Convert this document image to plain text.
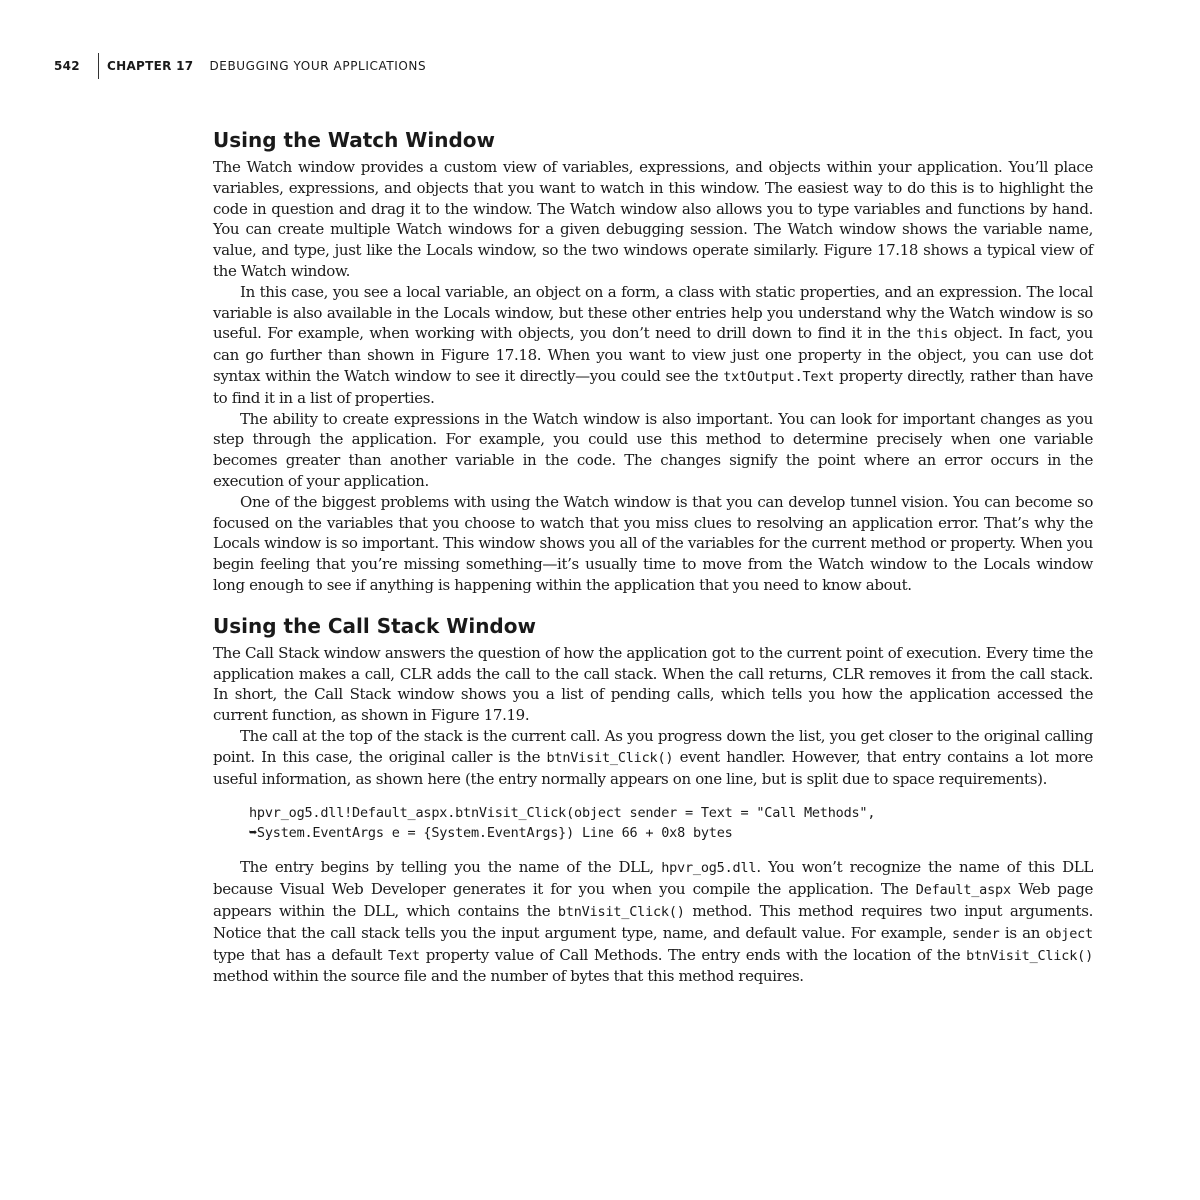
542	CHAPTER 17 DEBUGGING YOUR APPLICATIONS
Using the Watch Window

The Watch window provides a custom view of variables, expressions, and objects within your application. You’ll place variables, expressions, and objects that you want to watch in this window. The easiest way to do this is to highlight the code in question and drag it to the window. The Watch window also allows you to type variables and functions by hand. You can create multiple Watch windows for a given debugging session. The Watch window shows the variable name, value, and type, just like the Locals window, so the two windows operate similarly. Figure 17.18 shows a typical view of the Watch window.

In this case, you see a local variable, an object on a form, a class with static properties, and an expression. The local variable is also available in the Locals window, but these other entries help you understand why the Watch window is so useful. For example, when working with objects, you don’t need to drill down to find it in the this object. In fact, you can go further than shown in Figure 17.18. When you want to view just one property in the object, you can use dot syntax within the Watch window to see it directly—you could see the txtOutput.Text property directly, rather than have to find it in a list of properties.

The ability to create expressions in the Watch window is also important. You can look for important changes as you step through the application. For example, you could use this method to determine precisely when one variable becomes greater than another variable in the code. The changes signify the point where an error occurs in the execution of your application.

One of the biggest problems with using the Watch window is that you can develop tunnel vision. You can become so focused on the variables that you choose to watch that you miss clues to resolving an application error. That’s why the Locals window is so important. This window shows you all of the variables for the current method or property. When you begin feeling that you’re missing something—it’s usually time to move from the Watch window to the Locals window long enough to see if anything is happening within the application that you need to know about.

Using the Call Stack Window

The Call Stack window answers the question of how the application got to the current point of execution. Every time the application makes a call, CLR adds the call to the call stack. When the call returns, CLR removes it from the call stack. In short, the Call Stack window shows you a list of pending calls, which tells you how the application accessed the current function, as shown in Figure 17.19.

The call at the top of the stack is the current call. As you progress down the list, you get closer to the original calling point. In this case, the original caller is the btnVisit_Click() event handler. However, that entry contains a lot more useful information, as shown here (the entry normally appears on one line, but is split due to space requirements).

hpvr_og5.dll!Default_aspx.btnVisit_Click(object sender = Text = "Call Methods",
➥System.EventArgs e = {System.EventArgs}) Line 66 + 0x8 bytes

The entry begins by telling you the name of the DLL, hpvr_og5.dll. You won’t recognize the name of this DLL because Visual Web Developer generates it for you when you compile the application. The Default_aspx Web page appears within the DLL, which contains the btnVisit_Click() method. This method requires two input arguments. Notice that the call stack tells you the input argument type, name, and default value. For example, sender is an object type that has a default Text property value of Call Methods. The entry ends with the location of the btnVisit_Click() method within the source file and the number of bytes that this method requires.
